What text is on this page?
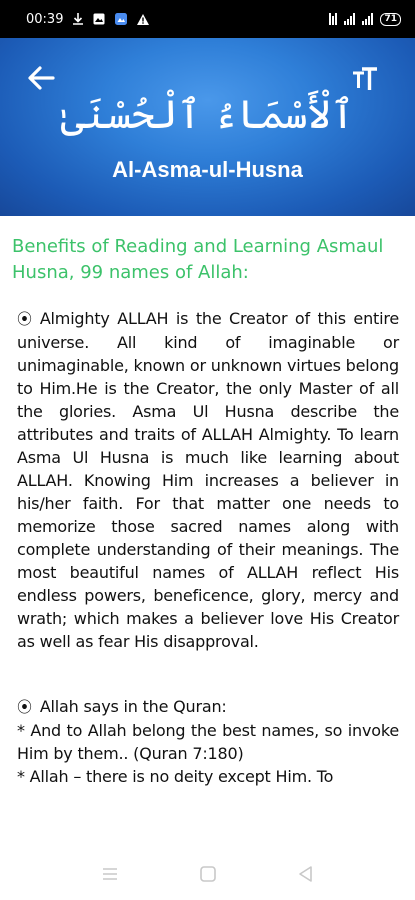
00:39	71
ٱلْأَسْمَاءُ ٱلْحُسْنَىٰ
Al-Asma-ul-Husna
Benefits of Reading and Learning Asmaul Husna, 99 names of Allah:
⦿ Almighty ALLAH is the Creator of this entire universe. All kind of imaginable or unimaginable, known or unknown virtues belong to Him.He is the Creator, the only Master of all the glories. Asma Ul Husna describe the attributes and traits of ALLAH Almighty. To learn Asma Ul Husna is much like learning about ALLAH. Knowing Him increases a believer in his/her faith. For that matter one needs to memorize those sacred names along with complete understanding of their meanings. The most beautiful names of ALLAH reflect His endless powers, beneficence, glory, mercy and wrath; which makes a believer love His Creator as well as fear His disapproval.
⦿ Allah says in the Quran:
* And to Allah belong the best names, so invoke Him by them.. (Quran 7:180)
* Allah – there is no deity except Him. To
